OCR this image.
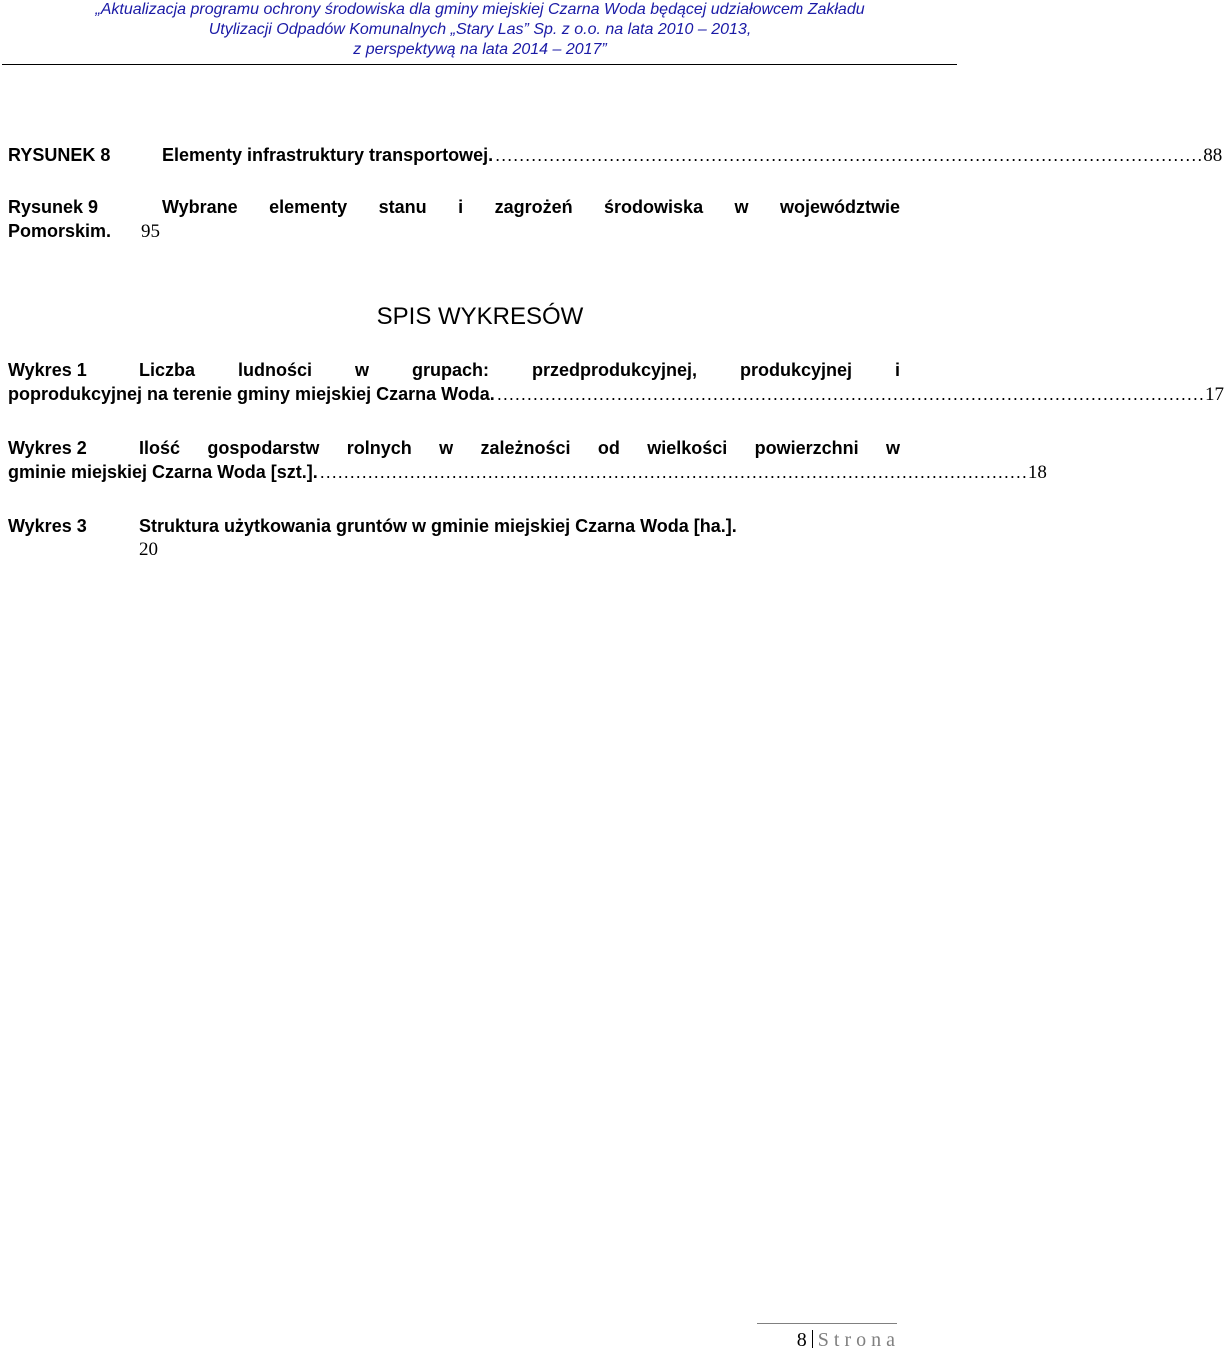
„Aktualizacja programu ochrony środowiska dla gminy miejskiej Czarna Woda będącej udziałowcem Zakładu
Utylizacji Odpadów Komunalnych „Stary Las” Sp. z o.o. na lata 2010 – 2013,
z perspektywą na lata 2014 – 2017”
RYSUNEK 8	Elementy infrastruktury transportowej. ...................................................................................................................... 88
Rysunek 9	Wybrane elementy stanu i zagrożeń środowiska w województwie
Pomorskim. 95
SPIS WYKRESÓW
Wykres 1	Liczba ludności w grupach: przedprodukcyjnej, produkcyjnej i
poprodukcyjnej na terenie gminy miejskiej Czarna Woda. ...................................................................................................................... 17
Wykres 2	Ilość gospodarstw rolnych w zależności od wielkości powierzchni w
gminie miejskiej Czarna Woda [szt.]. ...................................................................................................................... 18
Wykres 3	Struktura użytkowania gruntów w gminie miejskiej Czarna Woda [ha.].
20
8 Strona
